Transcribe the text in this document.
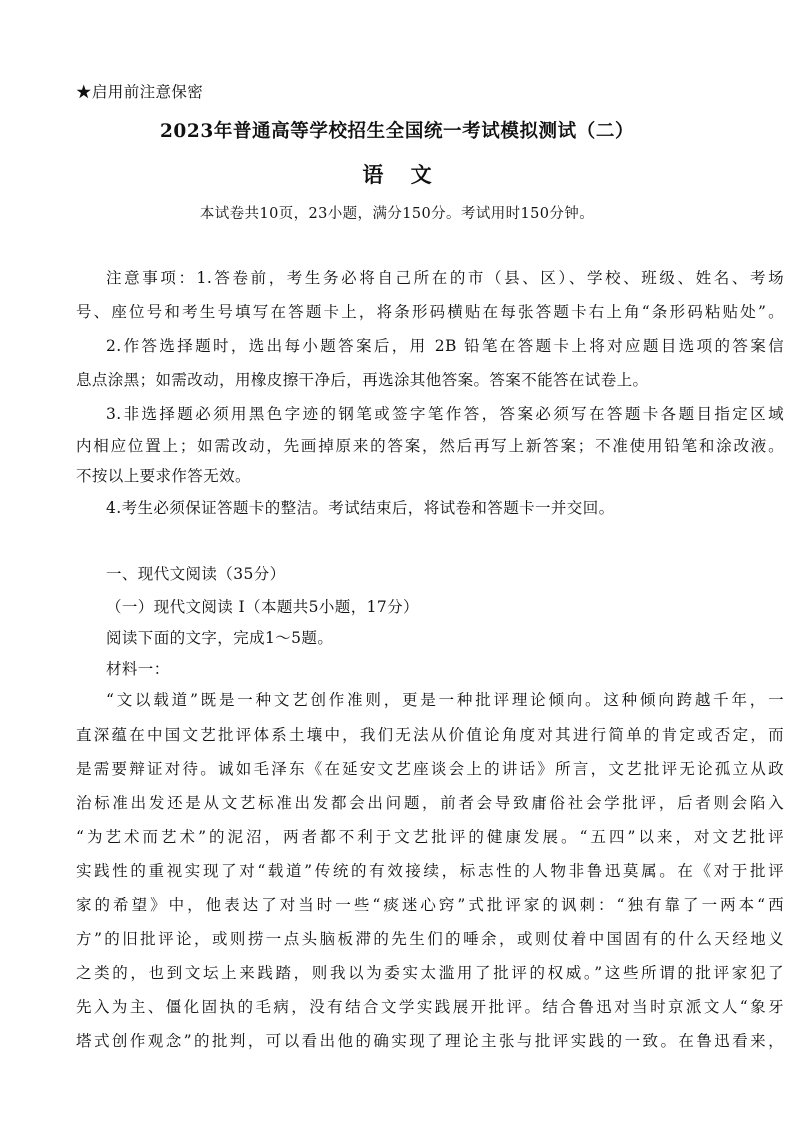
★启用前注意保密
2023年普通高等学校招生全国统一考试模拟测试（二）
语 文
本试卷共10页，23小题，满分150分。考试用时150分钟。
注意事项：1.答卷前，考生务必将自己所在的市（县、区）、学校、班级、姓名、考场
号、座位号和考生号填写在答题卡上，将条形码横贴在每张答题卡右上角“条形码粘贴处”。
2.作答选择题时，选出每小题答案后，用 2B 铅笔在答题卡上将对应题目选项的答案信
息点涂黑；如需改动，用橡皮擦干净后，再选涂其他答案。答案不能答在试卷上。
3.非选择题必须用黑色字迹的钢笔或签字笔作答，答案必须写在答题卡各题目指定区域
内相应位置上；如需改动，先画掉原来的答案，然后再写上新答案；不准使用铅笔和涂改液。
不按以上要求作答无效。
4.考生必须保证答题卡的整洁。考试结束后，将试卷和答题卡一并交回。
一、现代文阅读（35分）
（一）现代文阅读 I（本题共5小题，17分）
阅读下面的文字，完成1～5题。
材料一：
“文以载道”既是一种文艺创作准则，更是一种批评理论倾向。这种倾向跨越千年，一
直深蕴在中国文艺批评体系土壤中，我们无法从价值论角度对其进行简单的肯定或否定，而
是需要辩证对待。诚如毛泽东《在延安文艺座谈会上的讲话》所言，文艺批评无论孤立从政
治标准出发还是从文艺标准出发都会出问题，前者会导致庸俗社会学批评，后者则会陷入
“为艺术而艺术”的泥沼，两者都不利于文艺批评的健康发展。“五四”以来，对文艺批评
实践性的重视实现了对“载道”传统的有效接续，标志性的人物非鲁迅莫属。在《对于批评
家的希望》中，他表达了对当时一些“痰迷心窍”式批评家的讽刺：“独有靠了一两本“西
方”的旧批评论，或则捞一点头脑板滞的先生们的唾余，或则仗着中国固有的什么天经地义
之类的，也到文坛上来践踏，则我以为委实太滥用了批评的权威。”这些所谓的批评家犯了
先入为主、僵化固执的毛病，没有结合文学实践展开批评。结合鲁迅对当时京派文人“象牙
塔式创作观念”的批判，可以看出他的确实现了理论主张与批评实践的一致。在鲁迅看来，
